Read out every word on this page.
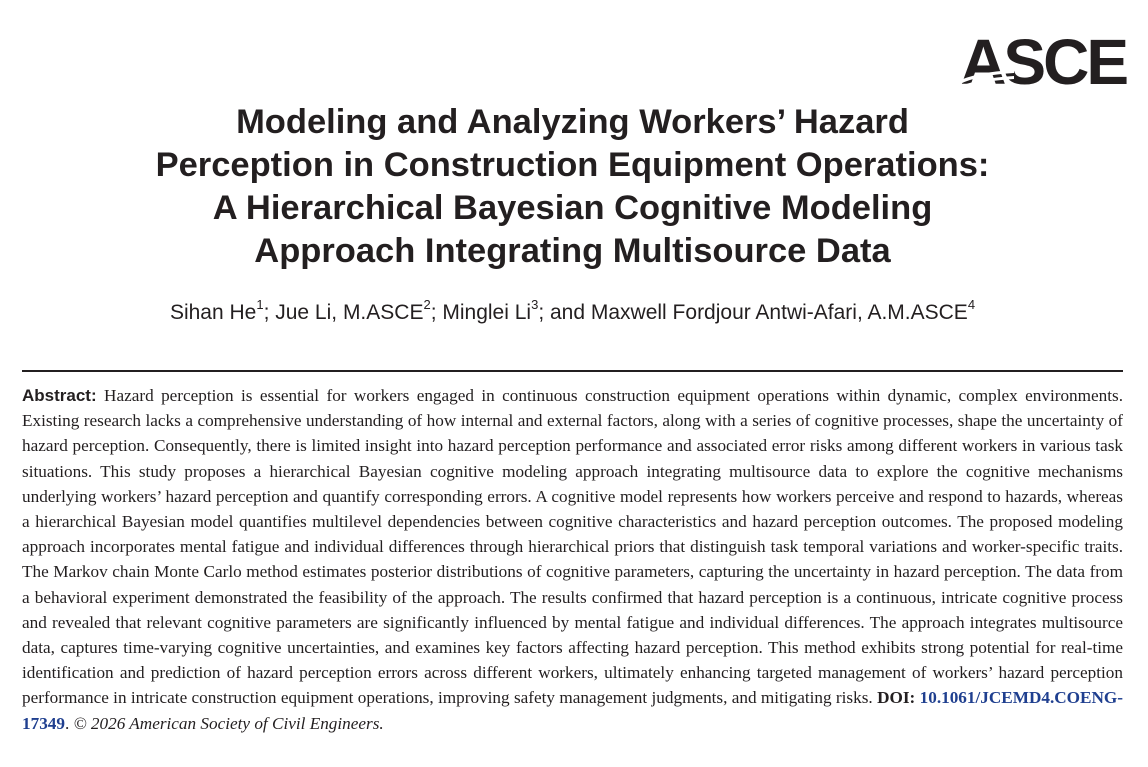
ASCE
Modeling and Analyzing Workers’ Hazard
Perception in Construction Equipment Operations:
A Hierarchical Bayesian Cognitive Modeling
Approach Integrating Multisource Data
Sihan He$^1$; Jue Li, M.ASCE$^2$; Minglei Li$^3$; and Maxwell Fordjour Antwi-Afari, A.M.ASCE$^4$

Abstract: Hazard perception is essential for workers engaged in continuous construction equipment operations within dynamic, complex environments. Existing research lacks a comprehensive understanding of how internal and external factors, along with a series of cognitive processes, shape the uncertainty of hazard perception. Consequently, there is limited insight into hazard perception performance and associated error risks among different workers in various task situations. This study proposes a hierarchical Bayesian cognitive modeling approach integrating multisource data to explore the cognitive mechanisms underlying workers’ hazard perception and quantify corresponding errors. A cognitive model represents how workers perceive and respond to hazards, whereas a hierarchical Bayesian model quantifies multilevel dependencies between cognitive characteristics and hazard perception outcomes. The proposed modeling approach incorporates mental fatigue and individual differences through hierarchical priors that distinguish task temporal variations and worker-specific traits. The Markov chain Monte Carlo method estimates posterior distributions of cognitive parameters, capturing the uncertainty in hazard perception. The data from a behavioral experiment demonstrated the feasibility of the approach. The results confirmed that hazard perception is a continuous, intricate cognitive process and revealed that relevant cognitive parameters are significantly influenced by mental fatigue and individual differences. The approach integrates multisource data, captures time-varying cognitive uncertainties, and examines key factors affecting hazard perception. This method exhibits strong potential for real-time identification and prediction of hazard perception errors across different workers, ultimately enhancing targeted management of workers’ hazard perception performance in intricate construction equipment operations, improving safety management judgments, and mitigating risks. DOI: 10.1061/JCEMD4.COENG-17349. © 2026 American Society of Civil Engineers.
